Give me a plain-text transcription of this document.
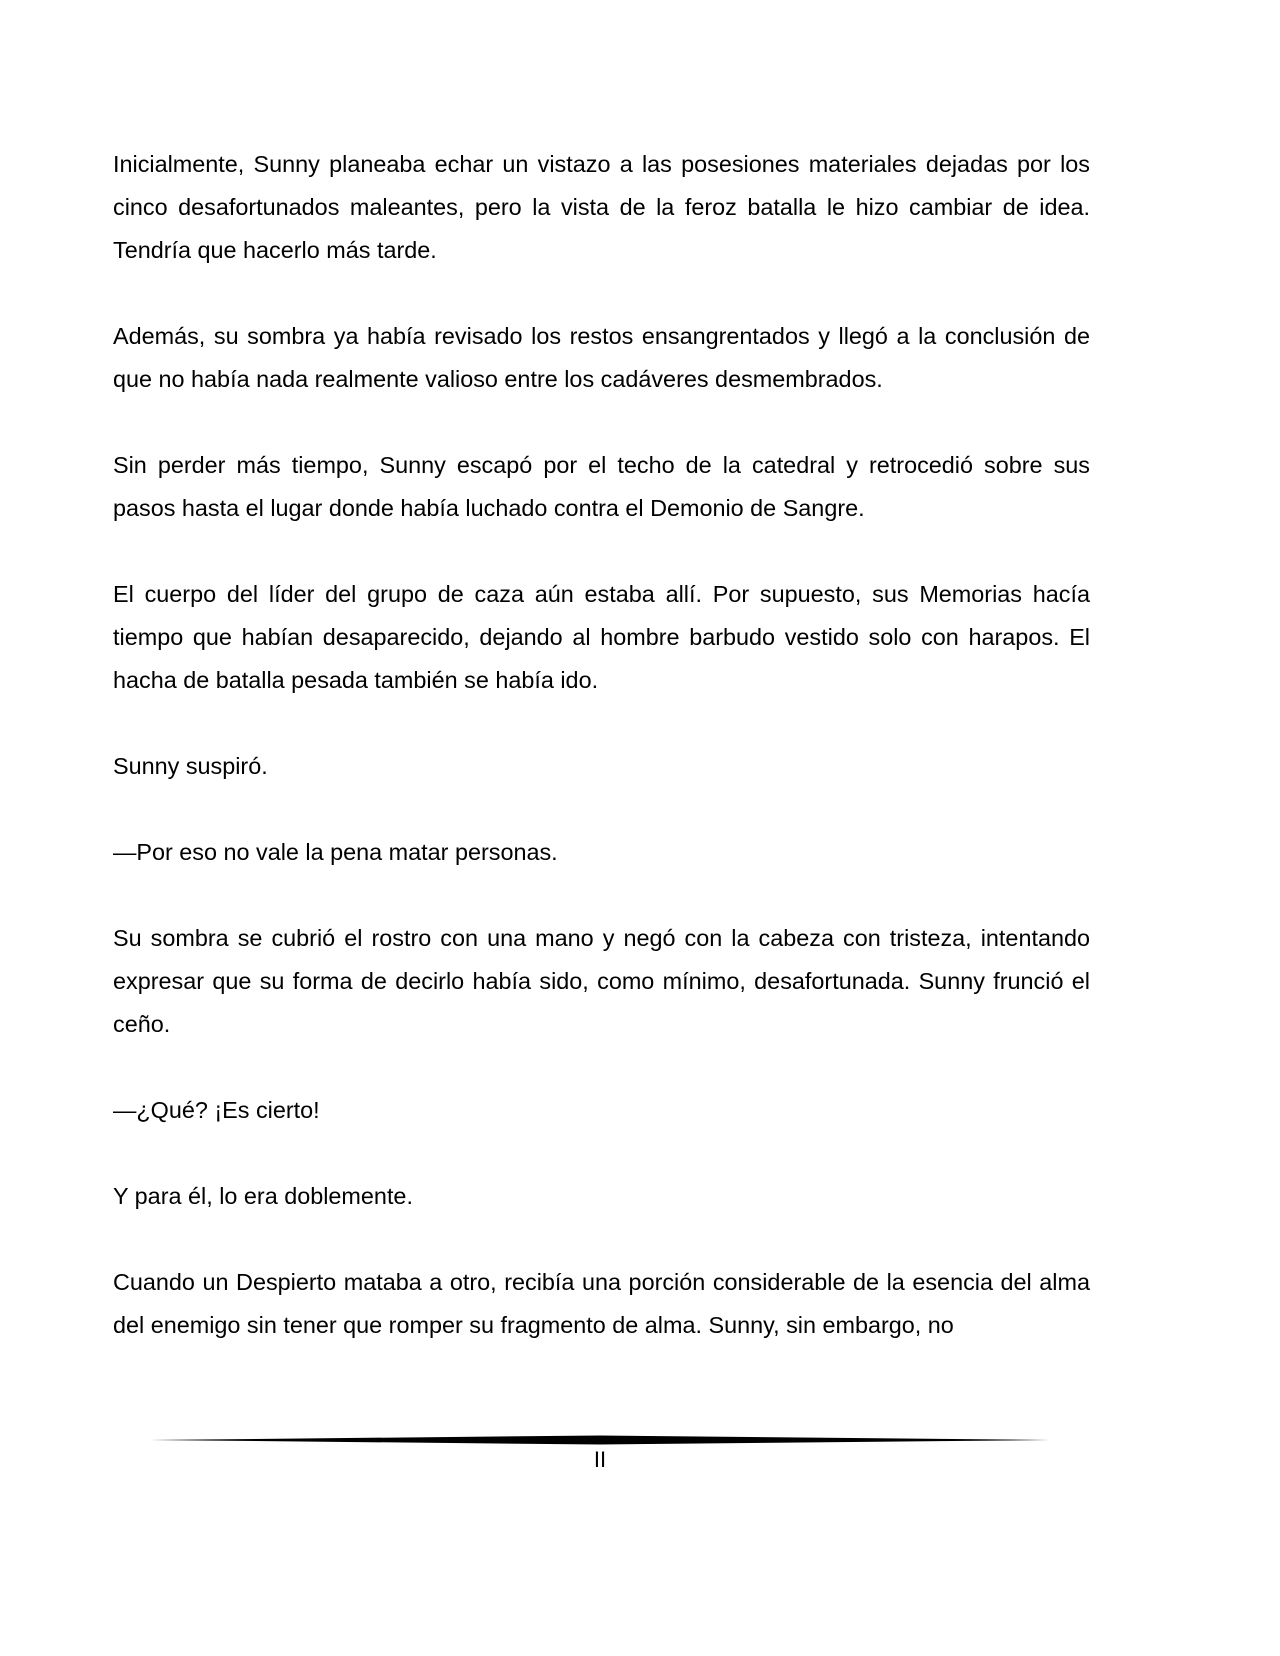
Inicialmente, Sunny planeaba echar un vistazo a las posesiones materiales dejadas por los cinco desafortunados maleantes, pero la vista de la feroz batalla le hizo cambiar de idea. Tendría que hacerlo más tarde.

Además, su sombra ya había revisado los restos ensangrentados y llegó a la conclusión de que no había nada realmente valioso entre los cadáveres desmembrados.

Sin perder más tiempo, Sunny escapó por el techo de la catedral y retrocedió sobre sus pasos hasta el lugar donde había luchado contra el Demonio de Sangre.

El cuerpo del líder del grupo de caza aún estaba allí. Por supuesto, sus Memorias hacía tiempo que habían desaparecido, dejando al hombre barbudo vestido solo con harapos. El hacha de batalla pesada también se había ido.

Sunny suspiró.

—Por eso no vale la pena matar personas.

Su sombra se cubrió el rostro con una mano y negó con la cabeza con tristeza, intentando expresar que su forma de decirlo había sido, como mínimo, desafortunada. Sunny frunció el ceño.

—¿Qué? ¡Es cierto!

Y para él, lo era doblemente.

Cuando un Despierto mataba a otro, recibía una porción considerable de la esencia del alma del enemigo sin tener que romper su fragmento de alma. Sunny, sin embargo, no

II
